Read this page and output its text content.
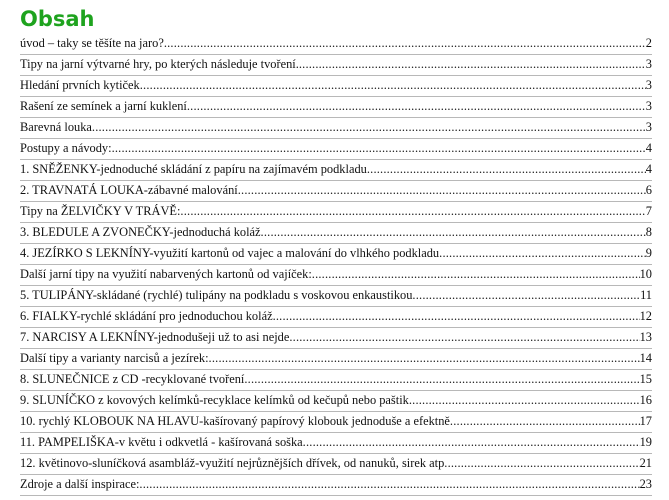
Obsah
úvod – taky se těšíte na jaro? .....	2
Tipy na jarní výtvarné hry, po kterých následuje tvoření. .....	3
Hledání prvních kytiček .....	3
Rašení ze semínek a jarní kuklení .....	3
Barevná louka .....	3
Postupy a návody: .....	4
1. SNĚŽENKY-jednoduché skládání z papíru na zajímavém podkladu .....	4
2. TRAVNATÁ LOUKA-zábavné malování .....	6
Tipy na ŽELVIČKY V TRÁVĚ: .....	7
3. BLEDULE A ZVONEČKY-jednoduchá koláž .....	8
4. JEZÍRKO S LEKNÍNY-využití kartonů od vajec a malování do vlhkého podkladu .....	9
Další jarní tipy na využití nabarvených kartonů od vajíček: .....	10
5. TULIPÁNY-skládané (rychlé) tulipány na podkladu s voskovou enkaustikou .....	11
6. FIALKY-rychlé skládání pro jednoduchou koláž .....	12
7. NARCISY A LEKNÍNY-jednodušeji už to asi nejde .....	13
Další tipy a varianty narcisů a jezírek: .....	14
8. SLUNEČNICE z CD -recyklované tvoření .....	15
9. SLUNÍČKO z kovových kelímků-recyklace kelímků od kečupů nebo paštik .....	16
10. rychlý KLOBOUK NA HLAVU-kašírovaný papírový klobouk jednoduše a efektně .....	17
11. PAMPELIŠKA-v květu i odkvetlá - kašírovaná soška .....	19
12. květinovo-sluníčková asambláž-využití nejrůznějších dřívek, od nanuků, sirek atp .....	21
Zdroje a další inspirace: .....	23
